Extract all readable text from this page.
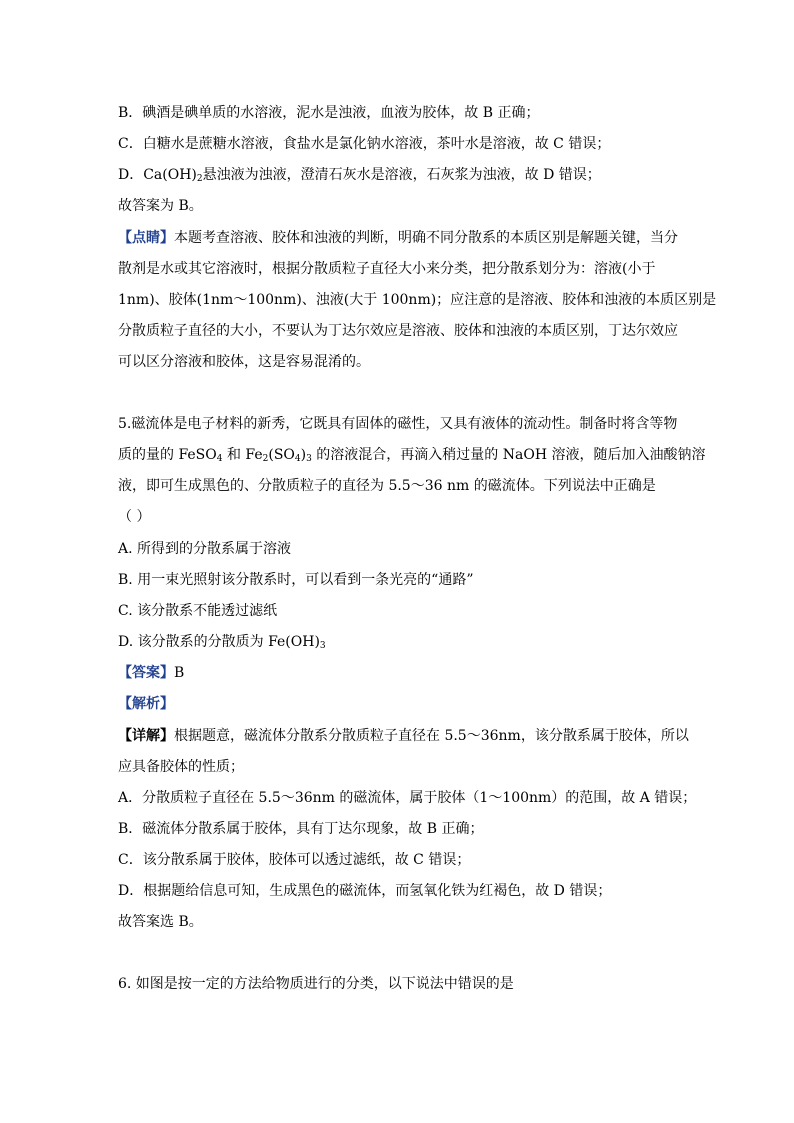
B．碘酒是碘单质的水溶液，泥水是浊液，血液为胶体，故 B 正确；
C．白糖水是蔗糖水溶液，食盐水是氯化钠水溶液，茶叶水是溶液，故 C 错误；
D．$Ca(OH)_2$悬浊液为浊液，澄清石灰水是溶液，石灰浆为浊液，故 D 错误；
故答案为 B。
【点睛】本题考查溶液、胶体和浊液的判断，明确不同分散系的本质区别是解题关键，当分
散剂是水或其它溶液时，根据分散质粒子直径大小来分类，把分散系划分为：溶液(小于
1nm)、胶体(1nm～100nm)、浊液(大于 100nm)；应注意的是溶液、胶体和浊液的本质区别是
分散质粒子直径的大小，不要认为丁达尔效应是溶液、胶体和浊液的本质区别，丁达尔效应
可以区分溶液和胶体，这是容易混淆的。
5.磁流体是电子材料的新秀，它既具有固体的磁性，又具有液体的流动性。制备时将含等物
质的量的 FeSO$_4$ 和 $Fe_2(SO_4)_3$ 的溶液混合，再滴入稍过量的 NaOH 溶液，随后加入油酸钠溶
液，即可生成黑色的、分散质粒子的直径为 5.5～36 nm 的磁流体。下列说法中正确是
（ ）
A. 所得到的分散系属于溶液
B. 用一束光照射该分散系时，可以看到一条光亮的“通路”
C. 该分散系不能透过滤纸
D. 该分散系的分散质为 $Fe(OH)_3$
【答案】B
【解析】
【详解】根据题意，磁流体分散系分散质粒子直径在 5.5～36nm，该分散系属于胶体，所以
应具备胶体的性质；
A．分散质粒子直径在 5.5～36nm 的磁流体，属于胶体（1～100nm）的范围，故 A 错误；
B．磁流体分散系属于胶体，具有丁达尔现象，故 B 正确；
C．该分散系属于胶体，胶体可以透过滤纸，故 C 错误；
D．根据题给信息可知，生成黑色的磁流体，而氢氧化铁为红褐色，故 D 错误；
故答案选 B。
6. 如图是按一定的方法给物质进行的分类，以下说法中错误的是
